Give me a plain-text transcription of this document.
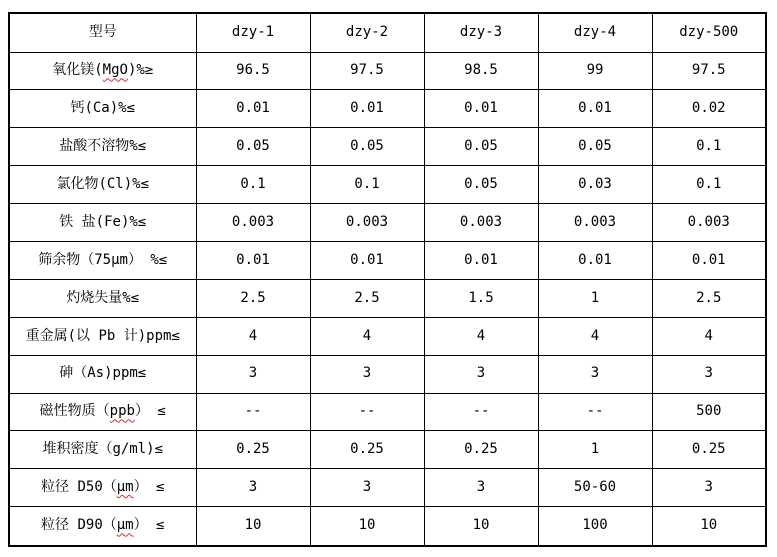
型号	dzy-1	dzy-2	dzy-3	dzy-4	dzy-500
氧化镁(MgO)%≥	96.5	97.5	98.5	99	97.5
钙(Ca)%≤	0.01	0.01	0.01	0.01	0.02
盐酸不溶物%≤	0.05	0.05	0.05	0.05	0.1
氯化物(Cl)%≤	0.1	0.1	0.05	0.03	0.1
铁 盐(Fe)%≤	0.003	0.003	0.003	0.003	0.003
筛余物（75μm） %≤	0.01	0.01	0.01	0.01	0.01
灼烧失量%≤	2.5	2.5	1.5	1	2.5
重金属(以 Pb 计)ppm≤	4	4	4	4	4
砷（As)ppm≤	3	3	3	3	3
磁性物质（ppb） ≤	--	--	--	--	500
堆积密度（g/ml)≤	0.25	0.25	0.25	1	0.25
粒径 D50（μm） ≤	3	3	3	50-60	3
粒径 D90（μm） ≤	10	10	10	100	10
